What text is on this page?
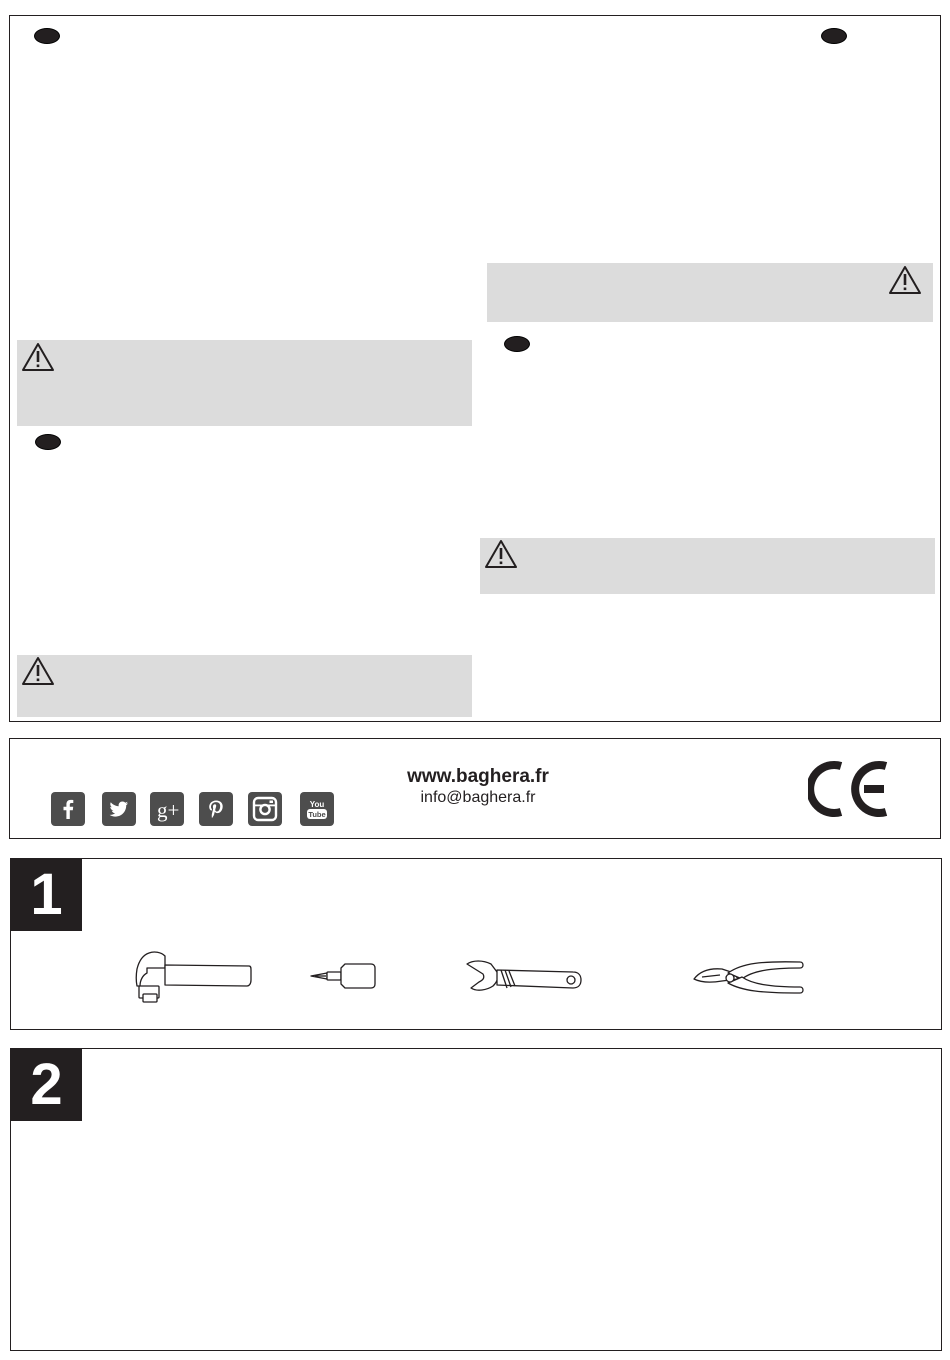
g+	You
Tube
www.baghera.fr
info@baghera.fr
1
2
